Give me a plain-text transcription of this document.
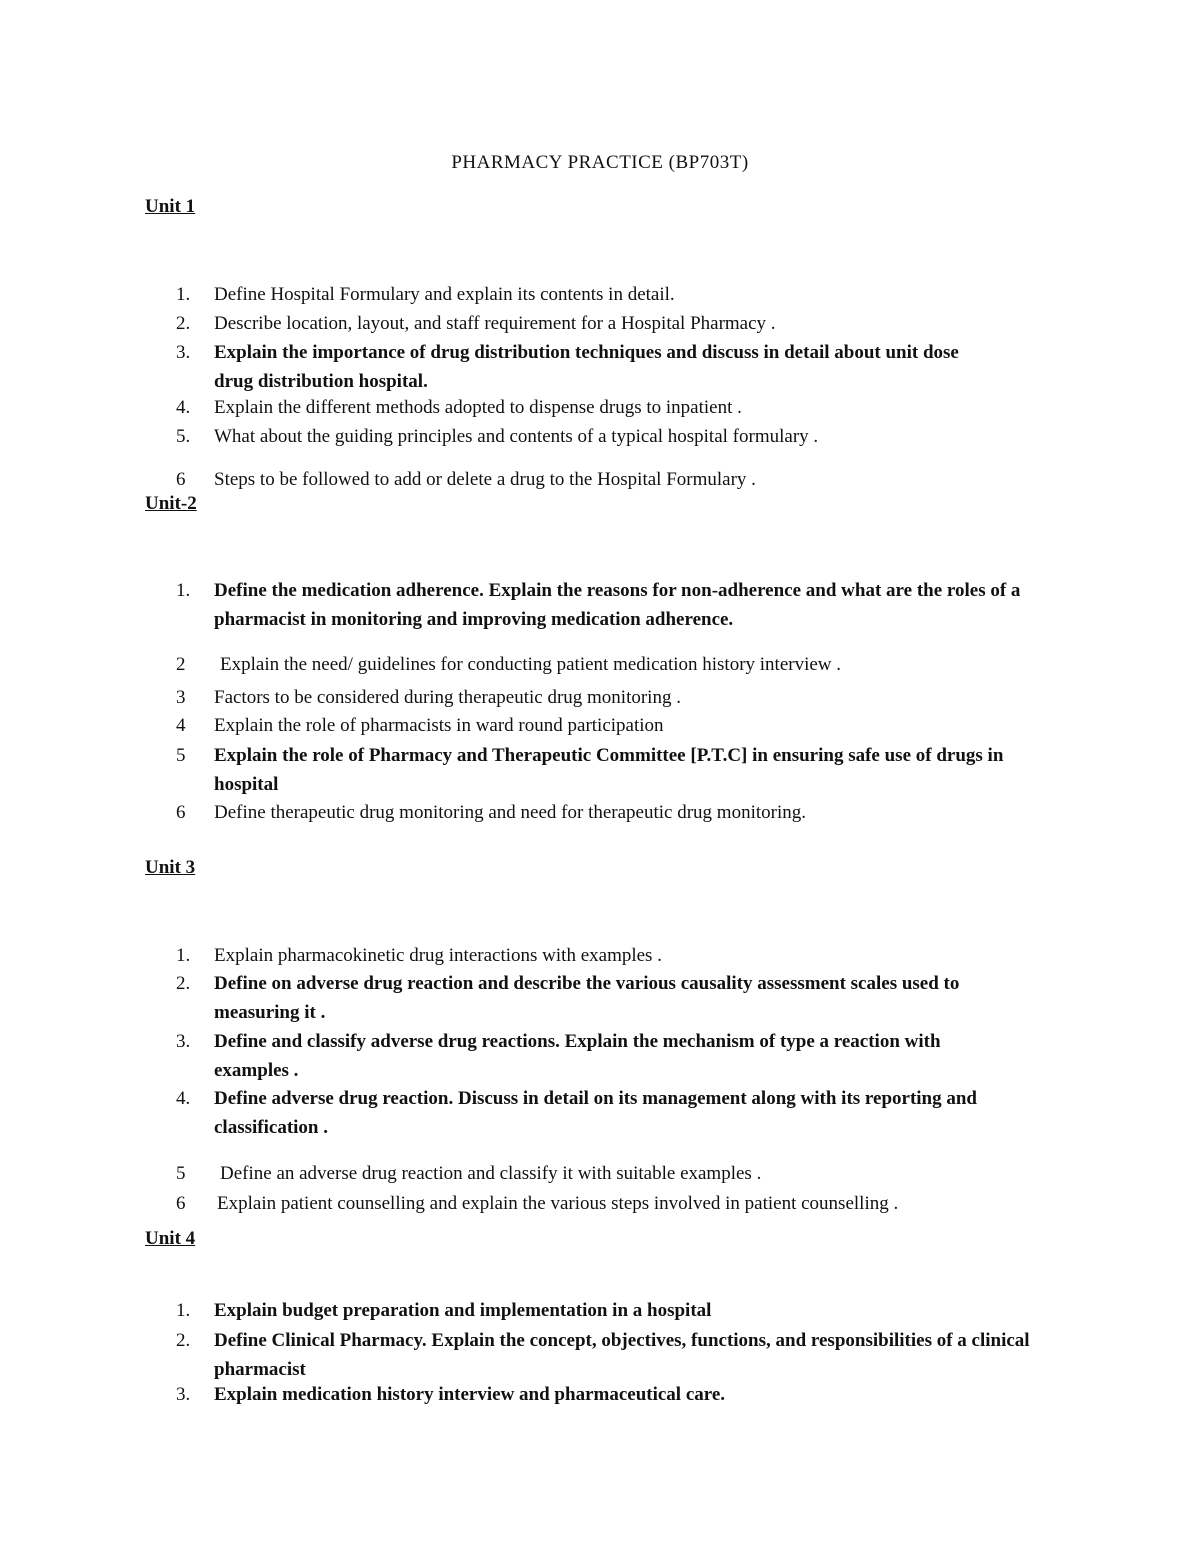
PHARMACY PRACTICE (BP703T)
Unit 1
1. Define Hospital Formulary and explain its contents in detail.
2. Describe location, layout, and staff requirement for a Hospital Pharmacy .
3. Explain the importance of drug distribution techniques and discuss in detail about unit dose drug distribution hospital.
4. Explain the different methods adopted to dispense drugs to inpatient .
5. What about the guiding principles and contents of a typical hospital formulary .
6 Steps to be followed to add or delete a drug to the Hospital Formulary .
Unit-2
1. Define the medication adherence. Explain the reasons for non-adherence and what are the roles of a pharmacist in monitoring and improving medication adherence.
2 Explain the need/ guidelines for conducting patient medication history interview .
3 Factors to be considered during therapeutic drug monitoring .
4 Explain the role of pharmacists in ward round participation
5 Explain the role of Pharmacy and Therapeutic Committee [P.T.C] in ensuring safe use of drugs in hospital
6 Define therapeutic drug monitoring and need for therapeutic drug monitoring.
Unit 3
1. Explain pharmacokinetic drug interactions with examples .
2. Define on adverse drug reaction and describe the various causality assessment scales used to measuring it .
3. Define and classify adverse drug reactions. Explain the mechanism of type a reaction with examples .
4. Define adverse drug reaction. Discuss in detail on its management along with its reporting and classification .
5 Define an adverse drug reaction and classify it with suitable examples .
6 Explain patient counselling and explain the various steps involved in patient counselling .
Unit 4
1. Explain budget preparation and implementation in a hospital
2. Define Clinical Pharmacy. Explain the concept, objectives, functions, and responsibilities of a clinical pharmacist
3. Explain medication history interview and pharmaceutical care.
